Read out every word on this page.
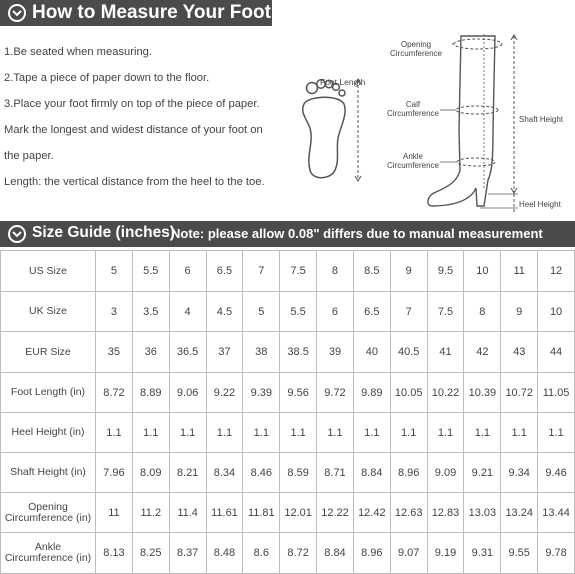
How to Measure Your Foot
1.Be seated when measuring.
2.Tape a piece of paper down to the floor.
3.Place your foot firmly on top of the piece of paper.
Mark the longest and widest distance of your foot on
the paper.
Length: the vertical distance from the heel to the toe.
Foot Length
Opening Circumference
Calf Circumference
Ankle Circumference
Shaft Height
Heel Height
Size Guide (inches)
Note: please allow 0.08" differs due to manual measurement
US Size	5	5.5	6	6.5	7	7.5	8	8.5	9	9.5	10	11	12
UK Size	3	3.5	4	4.5	5	5.5	6	6.5	7	7.5	8	9	10
EUR Size	35	36	36.5	37	38	38.5	39	40	40.5	41	42	43	44
Foot Length (in)	8.72	8.89	9.06	9.22	9.39	9.56	9.72	9.89	10.05	10.22	10.39	10.72	11.05
Heel Height (in)	1.1	1.1	1.1	1.1	1.1	1.1	1.1	1.1	1.1	1.1	1.1	1.1	1.1
Shaft Height (in)	7.96	8.09	8.21	8.34	8.46	8.59	8.71	8.84	8.96	9.09	9.21	9.34	9.46
Opening Circumference (in)	11	11.2	11.4	11.61	11.81	12.01	12.22	12.42	12.63	12.83	13.03	13.24	13.44
Ankle Circumference (in)	8.13	8.25	8.37	8.48	8.6	8.72	8.84	8.96	9.07	9.19	9.31	9.55	9.78
